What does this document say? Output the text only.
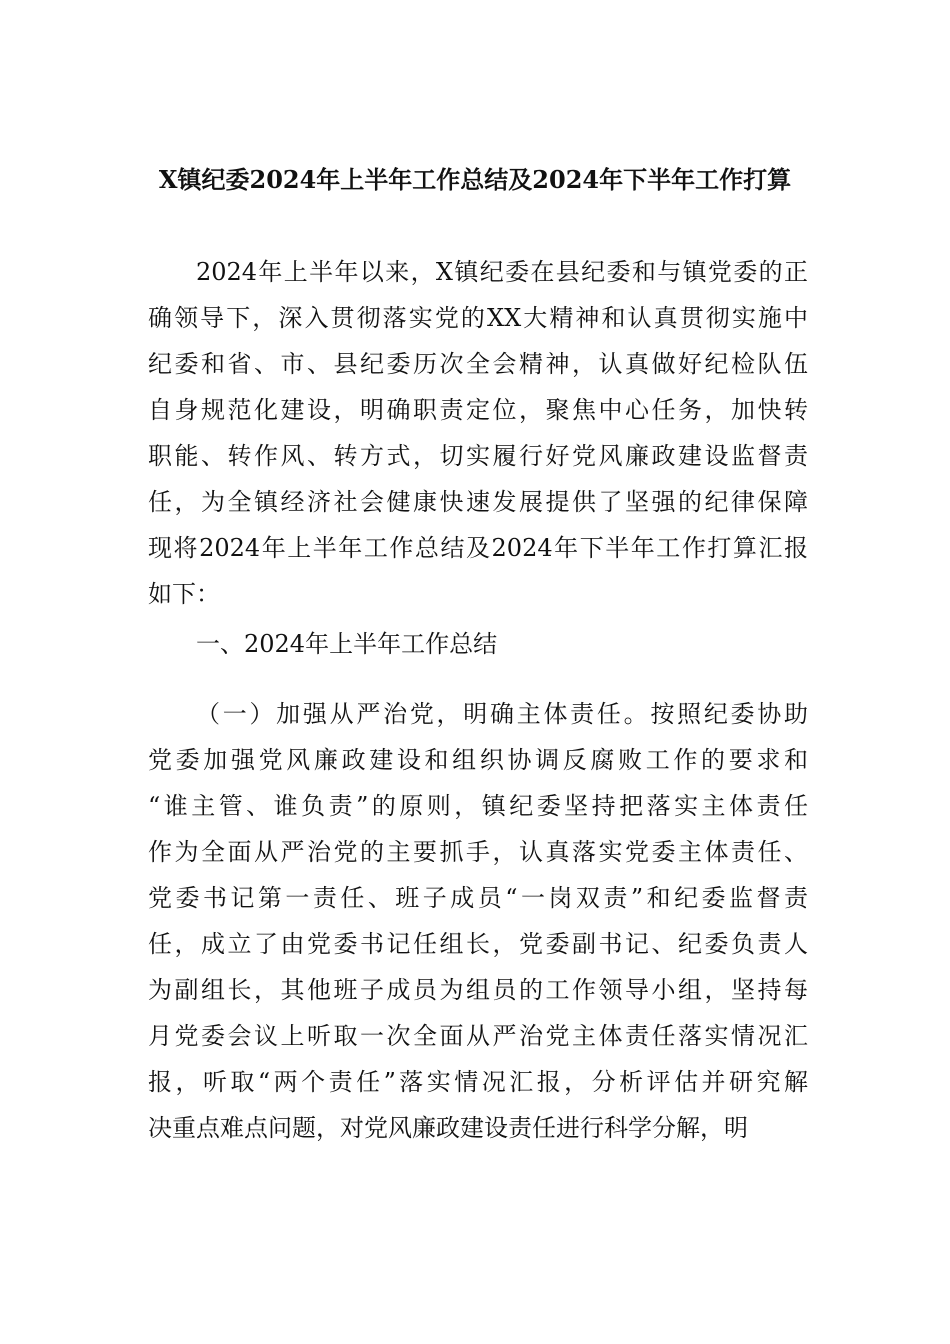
X镇纪委2024年上半年工作总结及2024年下半年工作打算
2024年上半年以来，X镇纪委在县纪委和与镇党委的正
确领导下，深入贯彻落实党的XX大精神和认真贯彻实施中
纪委和省、市、县纪委历次全会精神，认真做好纪检队伍
自身规范化建设，明确职责定位，聚焦中心任务，加快转
职能、转作风、转方式，切实履行好党风廉政建设监督责
任，为全镇经济社会健康快速发展提供了坚强的纪律保障
现将2024年上半年工作总结及2024年下半年工作打算汇报
如下：
一、2024年上半年工作总结
（一）加强从严治党，明确主体责任。按照纪委协助
党委加强党风廉政建设和组织协调反腐败工作的要求和
“谁主管、谁负责”的原则，镇纪委坚持把落实主体责任
作为全面从严治党的主要抓手，认真落实党委主体责任、
党委书记第一责任、班子成员“一岗双责”和纪委监督责
任，成立了由党委书记任组长，党委副书记、纪委负责人
为副组长，其他班子成员为组员的工作领导小组，坚持每
月党委会议上听取一次全面从严治党主体责任落实情况汇
报，听取“两个责任”落实情况汇报，分析评估并研究解
决重点难点问题，对党风廉政建设责任进行科学分解，明
